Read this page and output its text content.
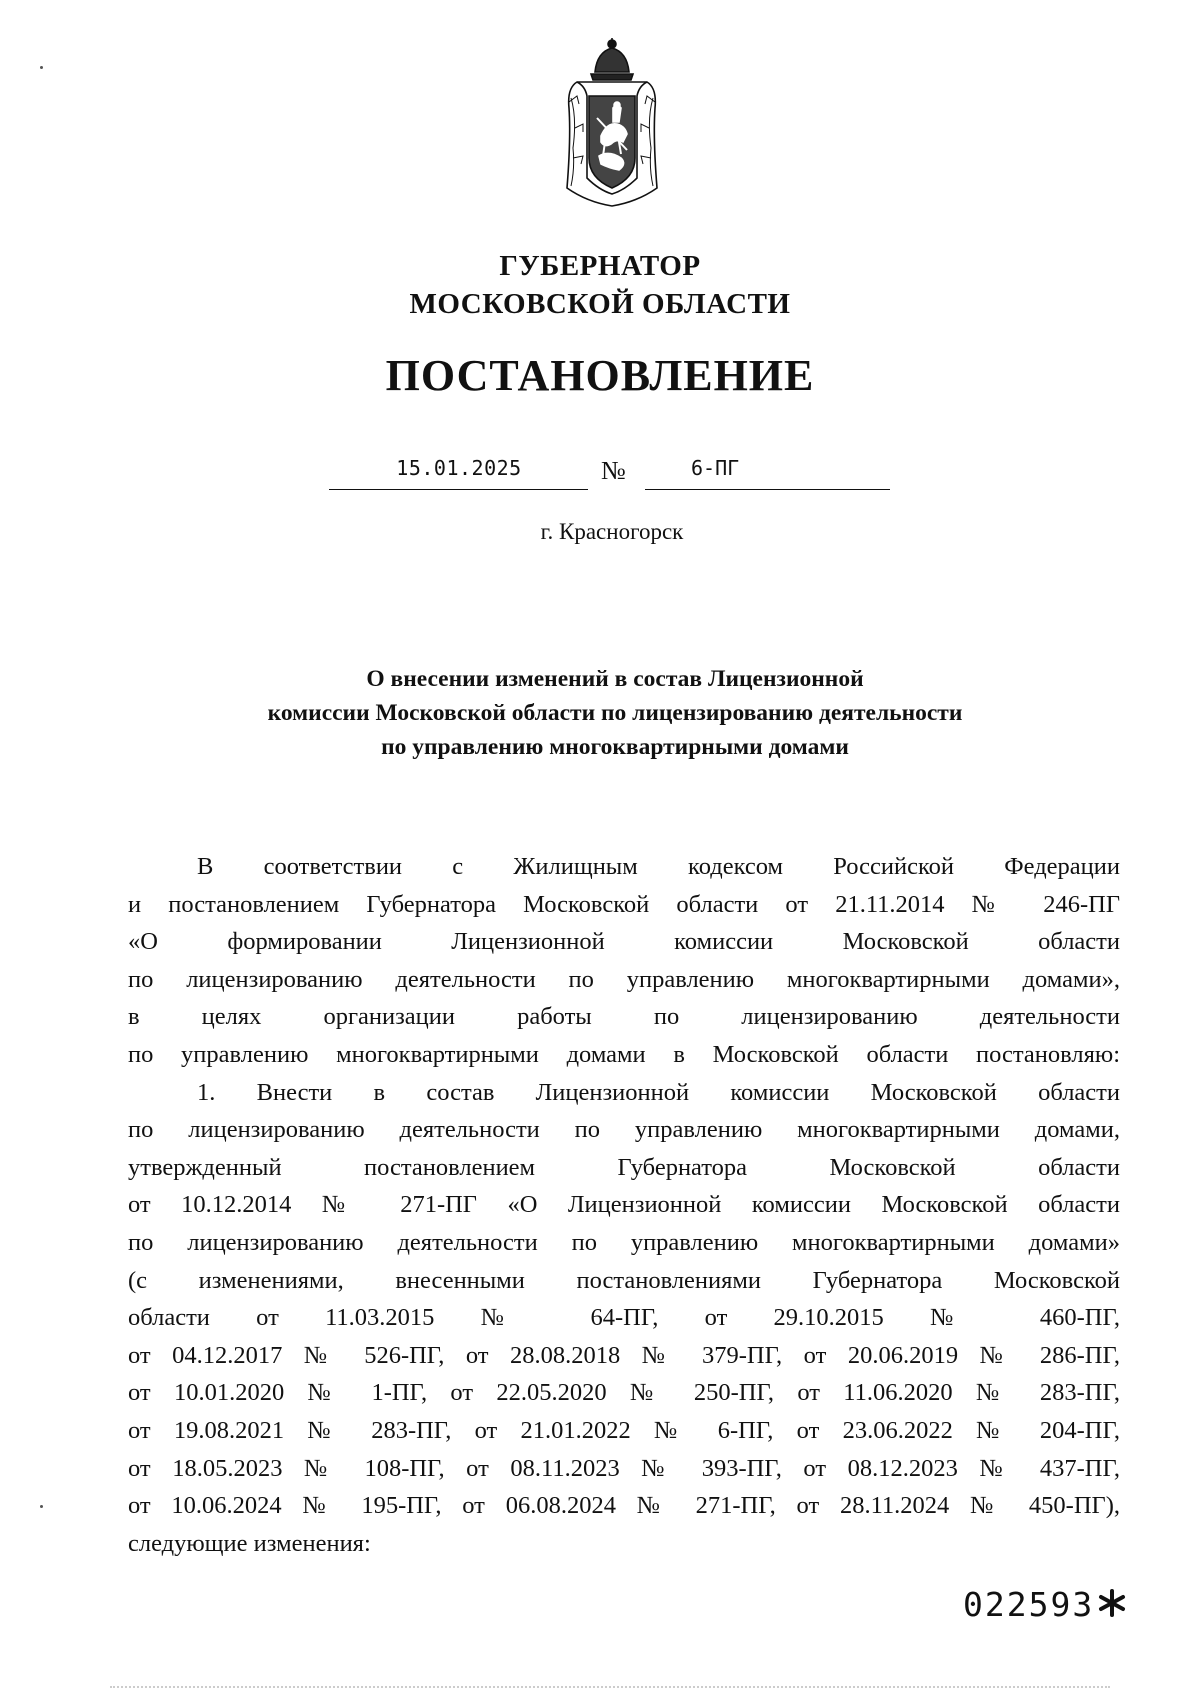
ГУБЕРНАТОР
МОСКОВСКОЙ ОБЛАСТИ
ПОСТАНОВЛЕНИЕ
15.01.2025	№	6-ПГ
г. Красногорск
О внесении изменений в состав Лицензионной
комиссии Московской области по лицензированию деятельности
по управлению многоквартирными домами
В соответствии с Жилищным кодексом Российской Федерации
и постановлением Губернатора Московской области от 21.11.2014 № 246-ПГ
«О формировании Лицензионной комиссии Московской области
по лицензированию деятельности по управлению многоквартирными домами»,
в целях организации работы по лицензированию деятельности
по управлению многоквартирными домами в Московской области постановляю:
1. Внести в состав Лицензионной комиссии Московской области
по лицензированию деятельности по управлению многоквартирными домами,
утвержденный постановлением Губернатора Московской области
от 10.12.2014 № 271-ПГ «О Лицензионной комиссии Московской области
по лицензированию деятельности по управлению многоквартирными домами»
(с изменениями, внесенными постановлениями Губернатора Московской
области от 11.03.2015 № 64-ПГ, от 29.10.2015 № 460-ПГ,
от 04.12.2017 № 526-ПГ, от 28.08.2018 № 379-ПГ, от 20.06.2019 № 286-ПГ,
от 10.01.2020 № 1-ПГ, от 22.05.2020 № 250-ПГ, от 11.06.2020 № 283-ПГ,
от 19.08.2021 № 283-ПГ, от 21.01.2022 № 6-ПГ, от 23.06.2022 № 204-ПГ,
от 18.05.2023 № 108-ПГ, от 08.11.2023 № 393-ПГ, от 08.12.2023 № 437-ПГ,
от 10.06.2024 № 195-ПГ, от 06.08.2024 № 271-ПГ, от 28.11.2024 № 450-ПГ),
следующие изменения:
022593
